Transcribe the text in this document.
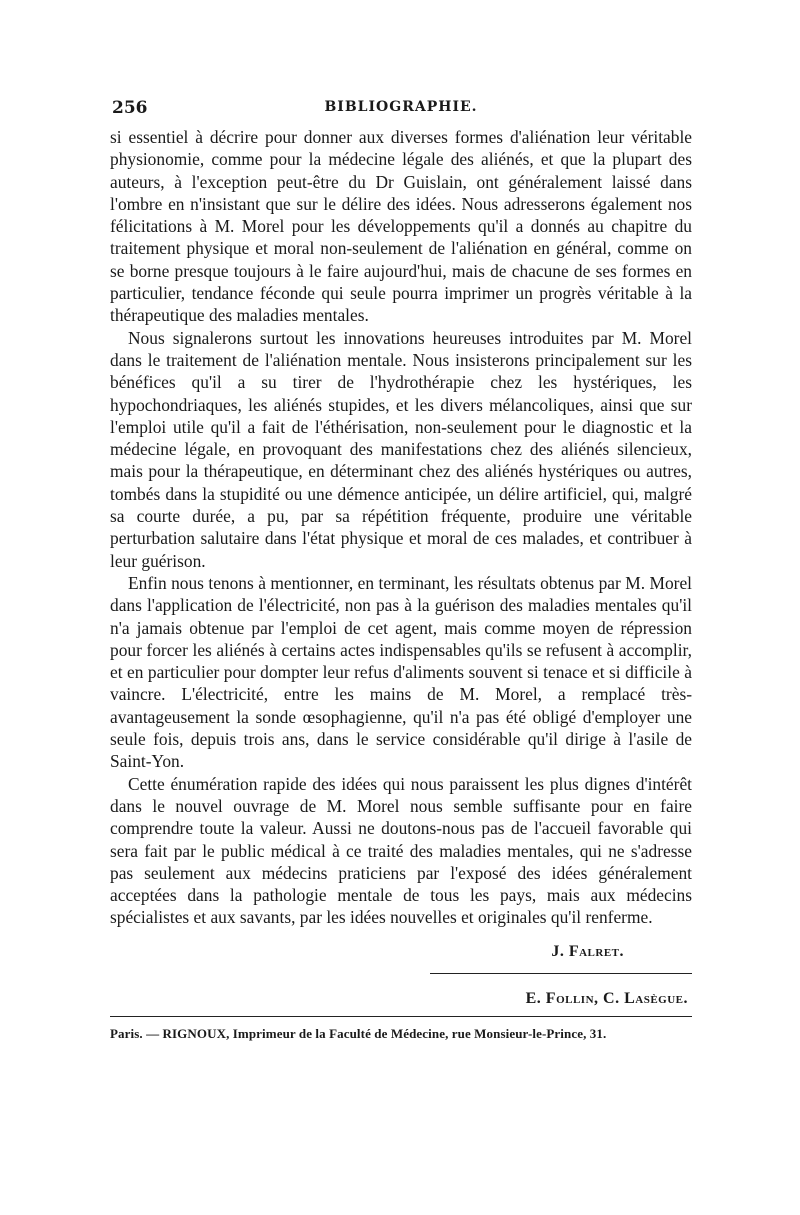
256	BIBLIOGRAPHIE.

si essentiel à décrire pour donner aux diverses formes d'aliénation leur véritable physionomie, comme pour la médecine légale des aliénés, et que la plupart des auteurs, à l'exception peut-être du Dr Guislain, ont généralement laissé dans l'ombre en n'insistant que sur le délire des idées. Nous adresserons également nos félicitations à M. Morel pour les développements qu'il a donnés au chapitre du traitement physique et moral non-seulement de l'aliénation en général, comme on se borne presque toujours à le faire aujourd'hui, mais de chacune de ses formes en particulier, tendance féconde qui seule pourra imprimer un progrès véritable à la thérapeutique des maladies mentales.

Nous signalerons surtout les innovations heureuses introduites par M. Morel dans le traitement de l'aliénation mentale. Nous insisterons principalement sur les bénéfices qu'il a su tirer de l'hydrothérapie chez les hystériques, les hypochondriaques, les aliénés stupides, et les divers mélancoliques, ainsi que sur l'emploi utile qu'il a fait de l'éthérisation, non-seulement pour le diagnostic et la médecine légale, en provoquant des manifestations chez des aliénés silencieux, mais pour la thérapeutique, en déterminant chez des aliénés hystériques ou autres, tombés dans la stupidité ou une démence anticipée, un délire artificiel, qui, malgré sa courte durée, a pu, par sa répétition fréquente, produire une véritable perturbation salutaire dans l'état physique et moral de ces malades, et contribuer à leur guérison.

Enfin nous tenons à mentionner, en terminant, les résultats obtenus par M. Morel dans l'application de l'électricité, non pas à la guérison des maladies mentales qu'il n'a jamais obtenue par l'emploi de cet agent, mais comme moyen de répression pour forcer les aliénés à certains actes indispensables qu'ils se refusent à accomplir, et en particulier pour dompter leur refus d'aliments souvent si tenace et si difficile à vaincre. L'électricité, entre les mains de M. Morel, a remplacé très-avantageusement la sonde œsophagienne, qu'il n'a pas été obligé d'employer une seule fois, depuis trois ans, dans le service considérable qu'il dirige à l'asile de Saint-Yon.

Cette énumération rapide des idées qui nous paraissent les plus dignes d'intérêt dans le nouvel ouvrage de M. Morel nous semble suffisante pour en faire comprendre toute la valeur. Aussi ne doutons-nous pas de l'accueil favorable qui sera fait par le public médical à ce traité des maladies mentales, qui ne s'adresse pas seulement aux médecins praticiens par l'exposé des idées généralement acceptées dans la pathologie mentale de tous les pays, mais aux médecins spécialistes et aux savants, par les idées nouvelles et originales qu'il renferme.

J. Falret.
E. Follin, C. Lasègue.
Paris. — RIGNOUX, Imprimeur de la Faculté de Médecine, rue Monsieur-le-Prince, 31.
